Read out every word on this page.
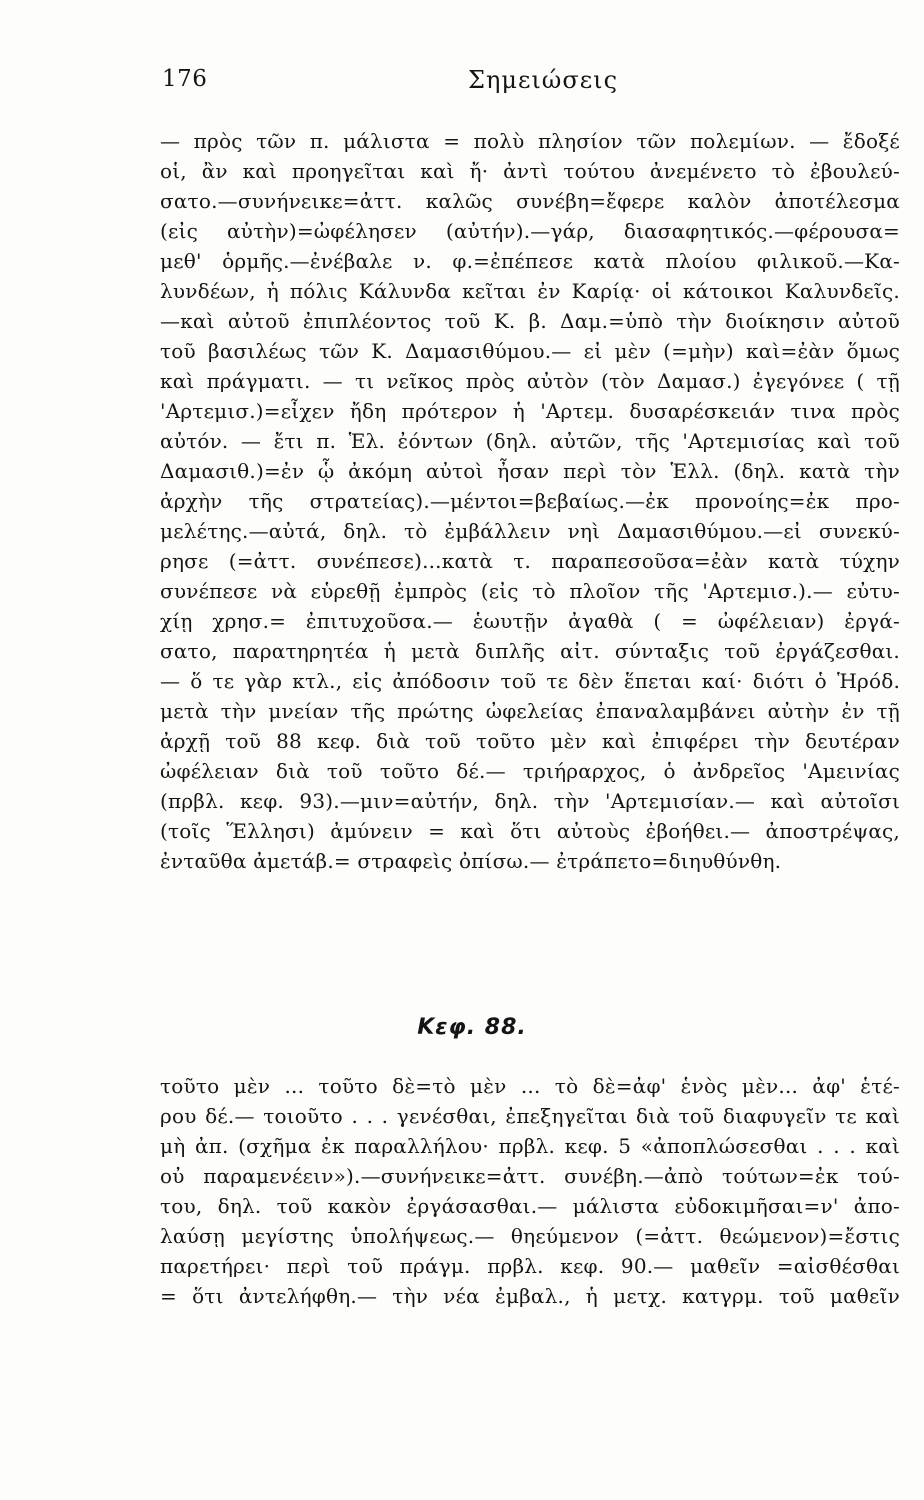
176	Σημειώσεις
— πρὸς τῶν π. μάλιστα = πολὺ πλησίον τῶν πολεμίων. — ἔδοξέ
οἱ, ἂν καὶ προηγεῖται καὶ ἤ· ἀντὶ τούτου ἀνεμένετο τὸ ἐβουλεύ-
σατο.—συνήνεικε=ἀττ. καλῶς συνέβη=ἔφερε καλὸν ἀποτέλεσμα
(εἰς αὐτὴν)=ὠφέλησεν (αὐτήν).—γάρ, διασαφητικός.—φέρουσα=
μεθ' ὁρμῆς.—ἐνέβαλε ν. φ.=ἐπέπεσε κατὰ πλοίου φιλικοῦ.—Κα-
λυνδέων, ἡ πόλις Κάλυνδα κεῖται ἐν Καρίᾳ· οἱ κάτοικοι Καλυνδεῖς.
—καὶ αὐτοῦ ἐπιπλέοντος τοῦ Κ. β. Δαμ.=ὑπὸ τὴν διοίκησιν αὐτοῦ
τοῦ βασιλέως τῶν Κ. Δαμασιθύμου.— εἰ μὲν (=μὴν) καὶ=ἐὰν ὅμως
καὶ πράγματι. — τι νεῖκος πρὸς αὐτὸν (τὸν Δαμασ.) ἐγεγόνεε ( τῇ
'Αρτεμισ.)=εἶχεν ἤδη πρότερον ἡ 'Αρτεμ. δυσαρέσκειάν τινα πρὸς
αὐτόν. — ἔτι π. Ἑλ. ἐόντων (δηλ. αὐτῶν, τῆς 'Αρτεμισίας καὶ τοῦ
Δαμασιθ.)=ἐν ᾧ ἀκόμη αὐτοὶ ἦσαν περὶ τὸν Ἑλλ. (δηλ. κατὰ τὴν
ἀρχὴν τῆς στρατείας).—μέντοι=βεβαίως.—ἐκ προνοίης=ἐκ προ-
μελέτης.—αὐτά, δηλ. τὸ ἐμβάλλειν νηὶ Δαμασιθύμου.—εἰ συνεκύ-
ρησε (=ἀττ. συνέπεσε)...κατὰ τ. παραπεσοῦσα=ἐὰν κατὰ τύχην
συνέπεσε νὰ εὑρεθῇ ἐμπρὸς (εἰς τὸ πλοῖον τῆς 'Αρτεμισ.).— εὐτυ-
χίῃ χρησ.= ἐπιτυχοῦσα.— ἑωυτῇν ἀγαθὰ ( = ὠφέλειαν) ἐργά-
σατο, παρατηρητέα ἡ μετὰ διπλῆς αἰτ. σύνταξις τοῦ ἐργάζεσθαι.
— ὅ τε γὰρ κτλ., εἰς ἀπόδοσιν τοῦ τε δὲν ἕπεται καί· διότι ὁ Ἡρόδ.
μετὰ τὴν μνείαν τῆς πρώτης ὠφελείας ἐπαναλαμβάνει αὐτὴν ἐν τῇ
ἀρχῇ τοῦ 88 κεφ. διὰ τοῦ τοῦτο μὲν καὶ ἐπιφέρει τὴν δευτέραν
ὠφέλειαν διὰ τοῦ τοῦτο δέ.— τριήραρχος, ὁ ἀνδρεῖος 'Αμεινίας
(πρβλ. κεφ. 93).—μιν=αὐτήν, δηλ. τὴν 'Αρτεμισίαν.— καὶ αὐτοῖσι
(τοῖς Ἕλλησι) ἀμύνειν = καὶ ὅτι αὐτοὺς ἐβοήθει.— ἀποστρέψας,
ἐνταῦθα ἀμετάβ.= στραφεὶς ὀπίσω.— ἐτράπετο=διηυθύνθη.
Κεφ. 88.
τοῦτο μὲν ... τοῦτο δὲ=τὸ μὲν ... τὸ δὲ=ἀφ' ἑνὸς μὲν... ἀφ' ἑτέ-
ρου δέ.— τοιοῦτο . . . γενέσθαι, ἐπεξηγεῖται διὰ τοῦ διαφυγεῖν τε καὶ
μὴ ἀπ. (σχῆμα ἐκ παραλλήλου· πρβλ. κεφ. 5 «ἀποπλώσεσθαι . . . καὶ
οὐ παραμενέειν»).—συνήνεικε=ἀττ. συνέβη.—ἀπὸ τούτων=ἐκ τού-
του, δηλ. τοῦ κακὸν ἐργάσασθαι.— μάλιστα εὐδοκιμῆσαι=ν' ἀπο-
λαύσῃ μεγίστης ὑπολήψεως.— θηεύμενον (=ἀττ. θεώμενον)=ἔστις
παρετήρει· περὶ τοῦ πράγμ. πρβλ. κεφ. 90.— μαθεῖν =αἰσθέσθαι
= ὅτι ἀντελήφθη.— τὴν νέα ἐμβαλ., ἡ μετχ. κατγρμ. τοῦ μαθεῖν
